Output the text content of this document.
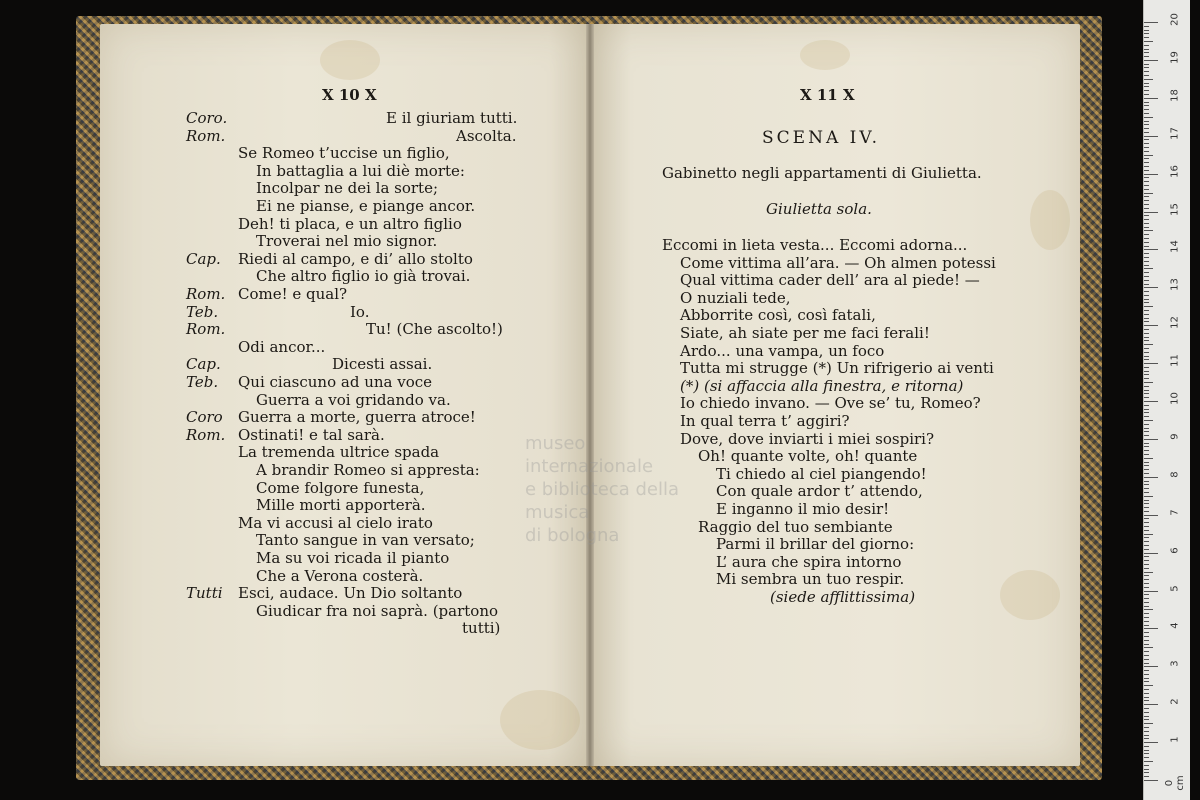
museo internazionale
e biblioteca della musica
di bologna
X 10 X
Coro.	E il giuriam tutti.
Rom.	Ascolta.
Se Romeo t’uccise un figlio,
In battaglia a lui diè morte:
Incolpar ne dei la sorte;
Ei ne pianse, e piange ancor.
Deh! ti placa, e un altro figlio
Troverai nel mio signor.
Cap. Riedi al campo, e di’ allo stolto
Che altro figlio io già trovai.
Rom. Come! e qual?
Teb.	Io.
Rom.	Tu! (Che ascolto!)
Odi ancor...
Cap.	Dicesti assai.
Teb. Qui ciascuno ad una voce
Guerra a voi gridando va.
Coro Guerra a morte, guerra atroce!
Rom. Ostinati! e tal sarà.
La tremenda ultrice spada
A brandir Romeo si appresta:
Come folgore funesta,
Mille morti apporterà.
Ma vi accusi al cielo irato
Tanto sangue in van versato;
Ma su voi ricada il pianto
Che a Verona costerà.
Tutti Esci, audace. Un Dio soltanto
Giudicar fra noi saprà. (partono
tutti)
X 11 X
SCENA IV.
Gabinetto negli appartamenti di Giulietta.
Giulietta sola.
Eccomi in lieta vesta... Eccomi adorna...
Come vittima all’ara. — Oh almen potessi
Qual vittima cader dell’ ara al piede! —
O nuziali tede,
Abborrite così, così fatali,
Siate, ah siate per me faci ferali!
Ardo... una vampa, un foco
Tutta mi strugge (*) Un rifrigerio ai venti
(*) (si affaccia alla finestra, e ritorna)
Io chiedo invano. — Ove se’ tu, Romeo?
In qual terra t’ aggiri?
Dove, dove inviarti i miei sospiri?
Oh! quante volte, oh! quante
Ti chiedo al ciel piangendo!
Con quale ardor t’ attendo,
E inganno il mio desir!
Raggio del tuo sembiante
Parmi il brillar del giorno:
L’ aura che spira intorno
Mi sembra un tuo respir.
(siede afflittissima)
0 cm
1
2
3
4
5
6
7
8
9
10
11
12
13
14
15
16
17
18
19
20
